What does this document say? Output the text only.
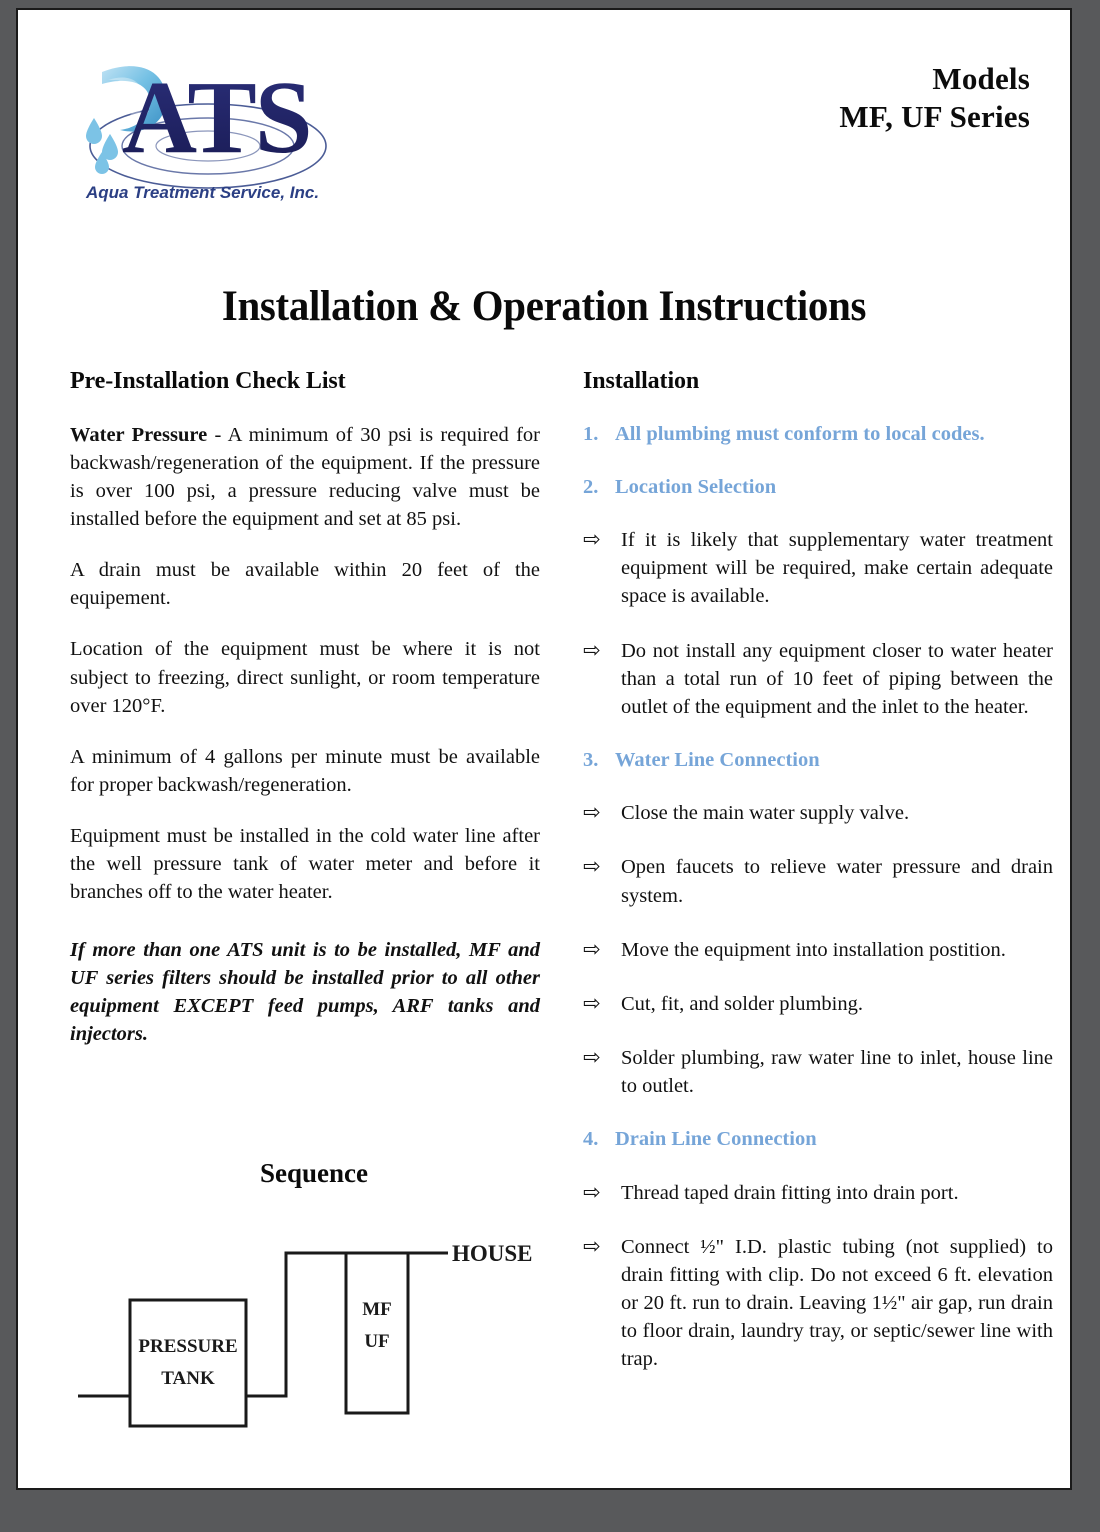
ATS
Aqua Treatment Service, Inc.
Models
MF, UF Series
Installation & Operation Instructions
Pre-Installation Check List

Water Pressure - A minimum of 30 psi is required for backwash/regeneration of the equipment. If the pressure is over 100 psi, a pressure reducing valve must be installed before the equipment and set at 85 psi.

A drain must be available within 20 feet of the equipement.

Location of the equipment must be where it is not subject to freezing, direct sunlight, or room temperature over 120°F.

A minimum of 4 gallons per minute must be available for proper backwash/regeneration.

Equipment must be installed in the cold water line after the well pressure tank of water meter and before it branches off to the water heater.

If more than one ATS unit is to be installed, MF and UF series filters should be installed prior to all other equipment EXCEPT feed pumps, ARF tanks and injectors.

Installation
1. All plumbing must conform to local codes.
2. Location Selection
⇨ If it is likely that supplementary water treatment equipment will be required, make certain adequate space is available.
⇨ Do not install any equipment closer to water heater than a total run of 10 feet of piping between the outlet of the equipment and the inlet to the heater.
3. Water Line Connection
⇨ Close the main water supply valve.
⇨ Open faucets to relieve water pressure and drain system.
⇨ Move the equipment into installation postition.
⇨ Cut, fit, and solder plumbing.
⇨ Solder plumbing, raw water line to inlet, house line to outlet.
4. Drain Line Connection
⇨ Thread taped drain fitting into drain port.
⇨ Connect ½" I.D. plastic tubing (not supplied) to drain fitting with clip. Do not exceed 6 ft. elevation or 20 ft. run to drain. Leaving 1½" air gap, run drain to floor drain, laundry tray, or septic/sewer line with trap.
Sequence
PRESSURE
TANK
MF
UF
HOUSE
